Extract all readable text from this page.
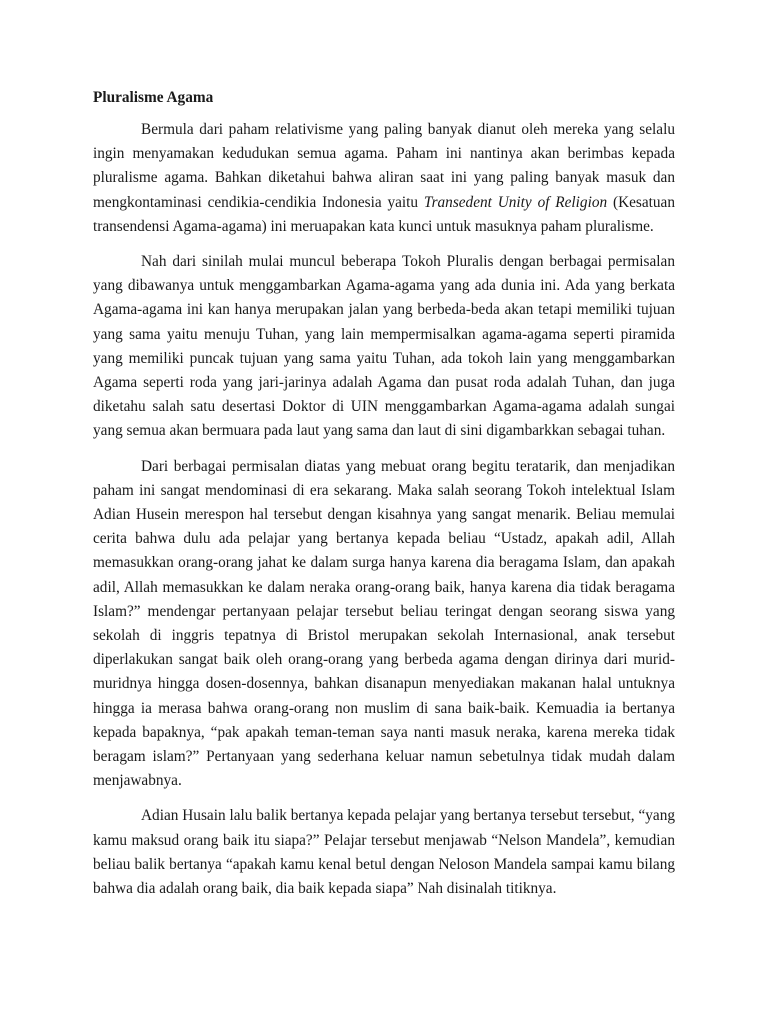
Pluralisme Agama

Bermula dari paham relativisme yang paling banyak dianut oleh mereka yang selalu ingin menyamakan kedudukan semua agama. Paham ini nantinya akan berimbas kepada pluralisme agama. Bahkan diketahui bahwa aliran saat ini yang paling banyak masuk dan mengkontaminasi cendikia-cendikia Indonesia yaitu Transedent Unity of Religion (Kesatuan transendensi Agama-agama) ini meruapakan kata kunci untuk masuknya paham pluralisme.

Nah dari sinilah mulai muncul beberapa Tokoh Pluralis dengan berbagai permisalan yang dibawanya untuk menggambarkan Agama-agama yang ada dunia ini. Ada yang berkata Agama-agama ini kan hanya merupakan jalan yang berbeda-beda akan tetapi memiliki tujuan yang sama yaitu menuju Tuhan, yang lain mempermisalkan agama-agama seperti piramida yang memiliki puncak tujuan yang sama yaitu Tuhan, ada tokoh lain yang menggambarkan Agama seperti roda yang jari-jarinya adalah Agama dan pusat roda adalah Tuhan, dan juga diketahu salah satu desertasi Doktor di UIN menggambarkan Agama-agama adalah sungai yang semua akan bermuara pada laut yang sama dan laut di sini digambarkkan sebagai tuhan.

Dari berbagai permisalan diatas yang mebuat orang begitu teratarik, dan menjadikan paham ini sangat mendominasi di era sekarang. Maka salah seorang Tokoh intelektual Islam Adian Husein merespon hal tersebut dengan kisahnya yang sangat menarik. Beliau memulai cerita bahwa dulu ada pelajar yang bertanya kepada beliau “Ustadz, apakah adil, Allah memasukkan orang-orang jahat ke dalam surga hanya karena dia beragama Islam, dan apakah adil, Allah memasukkan ke dalam neraka orang-orang baik, hanya karena dia tidak beragama Islam?” mendengar pertanyaan pelajar tersebut beliau teringat dengan seorang siswa yang sekolah di inggris tepatnya di Bristol merupakan sekolah Internasional, anak tersebut diperlakukan sangat baik oleh orang-orang yang berbeda agama dengan dirinya dari murid-muridnya hingga dosen-dosennya, bahkan disanapun menyediakan makanan halal untuknya hingga ia merasa bahwa orang-orang non muslim di sana baik-baik. Kemuadia ia bertanya kepada bapaknya, “pak apakah teman-teman saya nanti masuk neraka, karena mereka tidak beragam islam?” Pertanyaan yang sederhana keluar namun sebetulnya tidak mudah dalam menjawabnya.

Adian Husain lalu balik bertanya kepada pelajar yang bertanya tersebut tersebut, “yang kamu maksud orang baik itu siapa?” Pelajar tersebut menjawab “Nelson Mandela”, kemudian beliau balik bertanya “apakah kamu kenal betul dengan Neloson Mandela sampai kamu bilang bahwa dia adalah orang baik, dia baik kepada siapa” Nah disinalah titiknya.
